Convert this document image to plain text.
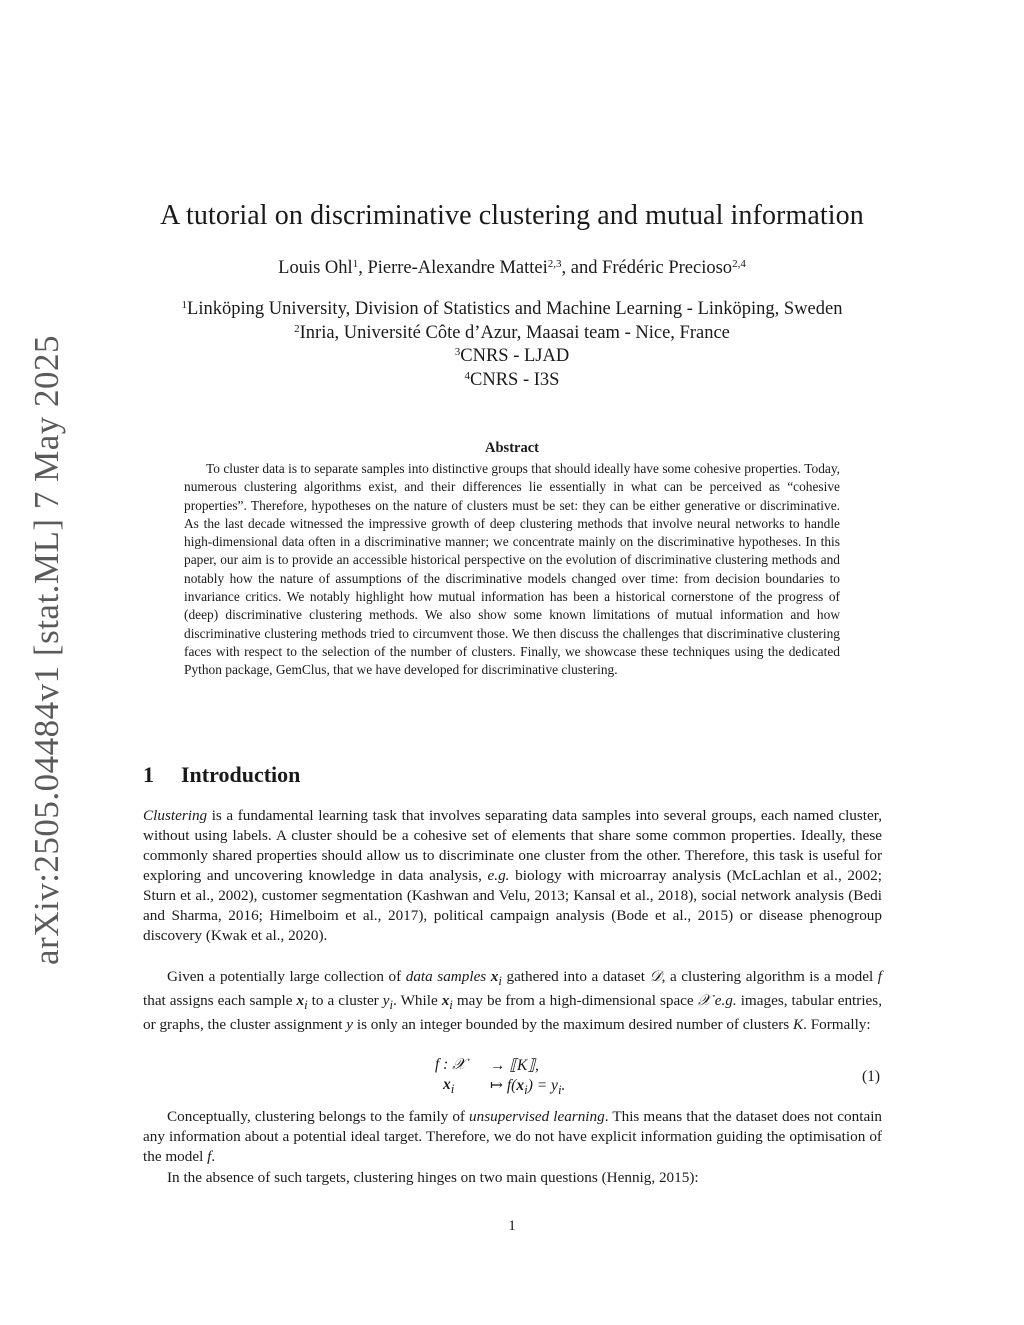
arXiv:2505.04484v1 [stat.ML] 7 May 2025
A tutorial on discriminative clustering and mutual information
Louis Ohl$^1$, Pierre-Alexandre Mattei$^{2,3}$, and Frédéric Precioso$^{2,4}$
$^1$Linköping University, Division of Statistics and Machine Learning - Linköping, Sweden
$^2$Inria, Université Côte d’Azur, Maasai team - Nice, France
$^3$CNRS - LJAD
$^4$CNRS - I3S
Abstract

To cluster data is to separate samples into distinctive groups that should ideally have some cohesive properties. Today, numerous clustering algorithms exist, and their differences lie essentially in what can be perceived as “cohesive properties”. Therefore, hypotheses on the nature of clusters must be set: they can be either generative or discriminative. As the last decade witnessed the impressive growth of deep clustering methods that involve neural networks to handle high-dimensional data often in a discriminative manner; we concentrate mainly on the discriminative hypotheses. In this paper, our aim is to provide an accessible historical perspective on the evolution of discriminative clustering methods and notably how the nature of assumptions of the discriminative models changed over time: from decision boundaries to invariance critics. We notably highlight how mutual information has been a historical cornerstone of the progress of (deep) discriminative clustering methods. We also show some known limitations of mutual information and how discriminative clustering methods tried to circumvent those. We then discuss the challenges that discriminative clustering faces with respect to the selection of the number of clusters. Finally, we showcase these techniques using the dedicated Python package, GemClus, that we have developed for discriminative clustering.

1 Introduction

Clustering is a fundamental learning task that involves separating data samples into several groups, each named cluster, without using labels. A cluster should be a cohesive set of elements that share some common properties. Ideally, these commonly shared properties should allow us to discriminate one cluster from the other. Therefore, this task is useful for exploring and uncovering knowledge in data analysis, e.g. biology with microarray analysis (McLachlan et al., 2002; Sturn et al., 2002), customer segmentation (Kashwan and Velu, 2013; Kansal et al., 2018), social network analysis (Bedi and Sharma, 2016; Himelboim et al., 2017), political campaign analysis (Bode et al., 2015) or disease phenogroup discovery (Kwak et al., 2020).

Given a potentially large collection of data samples $x_i$ gathered into a dataset 𝒟, a clustering algorithm is a model f that assigns each sample $x_i$ to a cluster $y_i$. While $x_i$ may be from a high-dimensional space 𝒳 e.g. images, tabular entries, or graphs, the cluster assignment y is only an integer bounded by the maximum desired number of clusters K. Formally:

f : 𝒳 → ⟦K⟧,
$x_i$ ↦ $f(x_i) = y_i$.
(1)

Conceptually, clustering belongs to the family of unsupervised learning. This means that the dataset does not contain any information about a potential ideal target. Therefore, we do not have explicit information guiding the optimisation of the model f.

In the absence of such targets, clustering hinges on two main questions (Hennig, 2015):

1
